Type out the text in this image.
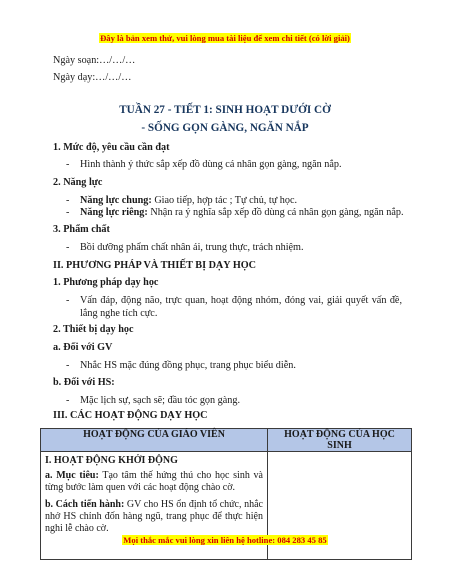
Đây là bản xem thử, vui lòng mua tài liệu để xem chi tiết (có lời giải)
Ngày soạn:…/…/…
Ngày dạy:…/…/…
TUẦN 27 - TIẾT 1: SINH HOẠT DƯỚI CỜ
- SỐNG GỌN GÀNG, NGĂN NẮP
1. Mức độ, yêu cầu cần đạt
- Hình thành ý thức sắp xếp đồ dùng cá nhân gọn gàng, ngăn nắp.
2. Năng lực
- Năng lực chung: Giao tiếp, hợp tác ; Tự chủ, tự học.
- Năng lực riêng: Nhận ra ý nghĩa sắp xếp đồ dùng cá nhân gọn gàng, ngăn nắp.
3. Phẩm chất
- Bồi dưỡng phẩm chất nhân ái, trung thực, trách nhiệm.
II. PHƯƠNG PHÁP VÀ THIẾT BỊ DẠY HỌC
1. Phương pháp dạy học
- Vấn đáp, động não, trực quan, hoạt động nhóm, đóng vai, giải quyết vấn đề, lắng nghe tích cực.
2. Thiết bị dạy học
a. Đối với GV
- Nhắc HS mặc đúng đồng phục, trang phục biểu diễn.
b. Đối với HS:
- Mặc lịch sự, sạch sẽ; đầu tóc gọn gàng.
III. CÁC HOẠT ĐỘNG DẠY HỌC
HOẠT ĐỘNG CỦA GIÁO VIÊN	HOẠT ĐỘNG CỦA HỌC SINH

I. HOẠT ĐỘNG KHỞI ĐỘNG

a. Mục tiêu: Tạo tâm thế hứng thú cho học sinh và từng bước làm quen với các hoạt động chào cờ.

b. Cách tiến hành: GV cho HS ổn định tổ chức, nhắc nhở HS chỉnh đốn hàng ngũ, trang phục để thực hiện nghi lễ chào cờ.	

Mọi thắc mắc vui lòng xin liên hệ hotline: 084 283 45 85
